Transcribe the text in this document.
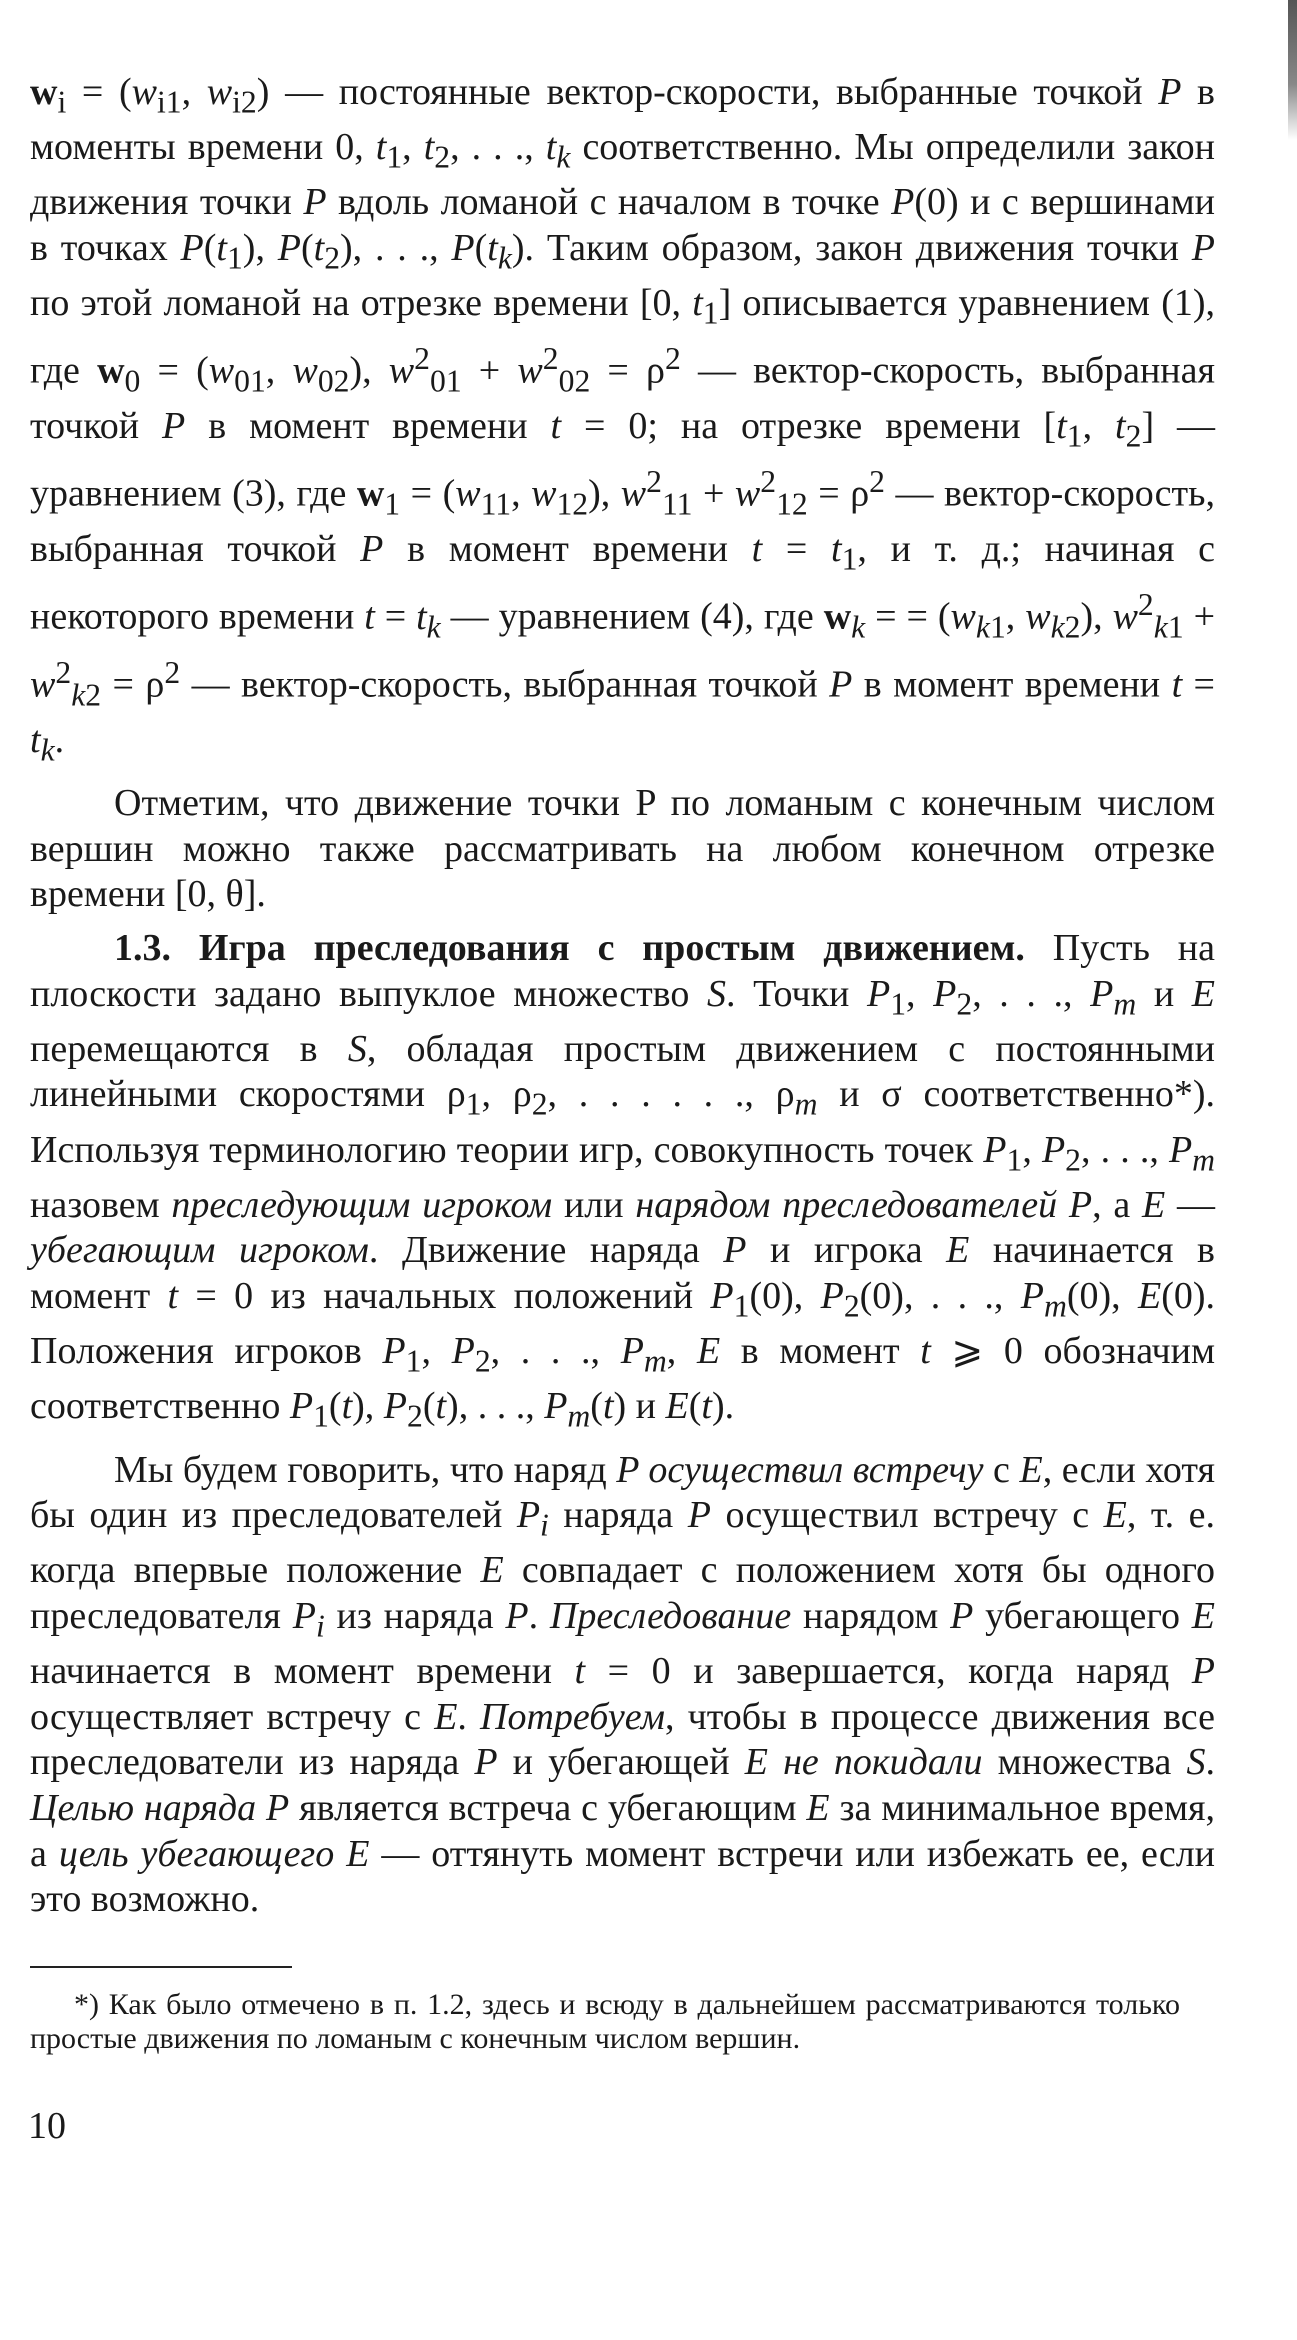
$w_i = (w_{i1}$, $w_{i2}$) — постоянные вектор-скорости, выбранные точкой P в моменты времени 0, $t_1$, $t_2$, . . ., $t_k$ соответственно. Мы определили закон движения точки P вдоль ломаной с началом в точке P(0) и с вершинами в точках $P(t_1)$, $P(t_2)$, . . ., $P(t_k)$. Таким образом, закон движения точки P по этой ломаной на отрезке времени [0, $t_1$] описывается уравнением (1), где $w_0 = (w_{01}$, $w_{02}$), $w^2_{01} + w^2_{02} = \rho^2$ — вектор-скорость, выбранная точкой P в момент времени t = 0; на отрезке времени [$t_1$, $t_2$] — уравнением (3), где $w_1 = (w_{11}$, $w_{12}$), $w^2_{11} + w^2_{12} = \rho^2$ — вектор-скорость, выбранная точкой P в момент времени $t = t_1$, и т. д.; начиная с некоторого времени $t = t_k$ — уравнением (4), где $w_k$ = = ($w_{k1}$, $w_{k2}$), $w^2_{k1} + w^2_{k2} = \rho^2$ — вектор-скорость, выбранная точкой P в момент времени $t = t_k$.

Отметим, что движение точки P по ломаным с конечным числом вершин можно также рассматривать на любом конечном отрезке времени [0, θ].

1.3. Игра преследования с простым движением. Пусть на плоскости задано выпуклое множество S. Точки $P_1$, $P_2$, . . ., $P_m$ и E перемещаются в S, обладая простым движением с постоянными линейными скоростями $\rho_1$, $\rho_2$, . . . . . ., $\rho_m$ и σ соответственно*). Используя терминологию теории игр, совокупность точек $P_1$, $P_2$, . . ., $P_m$ назовем преследующим игроком или нарядом преследователей P, а E — убегающим игроком. Движение наряда P и игрока E начинается в момент t = 0 из начальных положений $P_1(0)$, $P_2(0)$, . . ., $P_m(0)$, E(0). Положения игроков $P_1$, $P_2$, . . ., $P_m$, E в момент t ⩾ 0 обозначим соответственно $P_1(t)$, $P_2(t)$, . . ., $P_m(t)$ и E(t).

Мы будем говорить, что наряд P осуществил встречу с E, если хотя бы один из преследователей $P_i$ наряда P осуществил встречу с E, т. е. когда впервые положение E совпадает с положением хотя бы одного преследователя $P_i$ из наряда P. Преследование нарядом P убегающего E начинается в момент времени t = 0 и завершается, когда наряд P осуществляет встречу с E. Потребуем, чтобы в процессе движения все преследователи из наряда P и убегающей E не покидали множества S. Целью наряда P является встреча с убегающим E за минимальное время, а цель убегающего E — оттянуть момент встречи или избежать ее, если это возможно.

*) Как было отмечено в п. 1.2, здесь и всюду в дальнейшем рассматриваются только простые движения по ломаным с конечным числом вершин.

10
